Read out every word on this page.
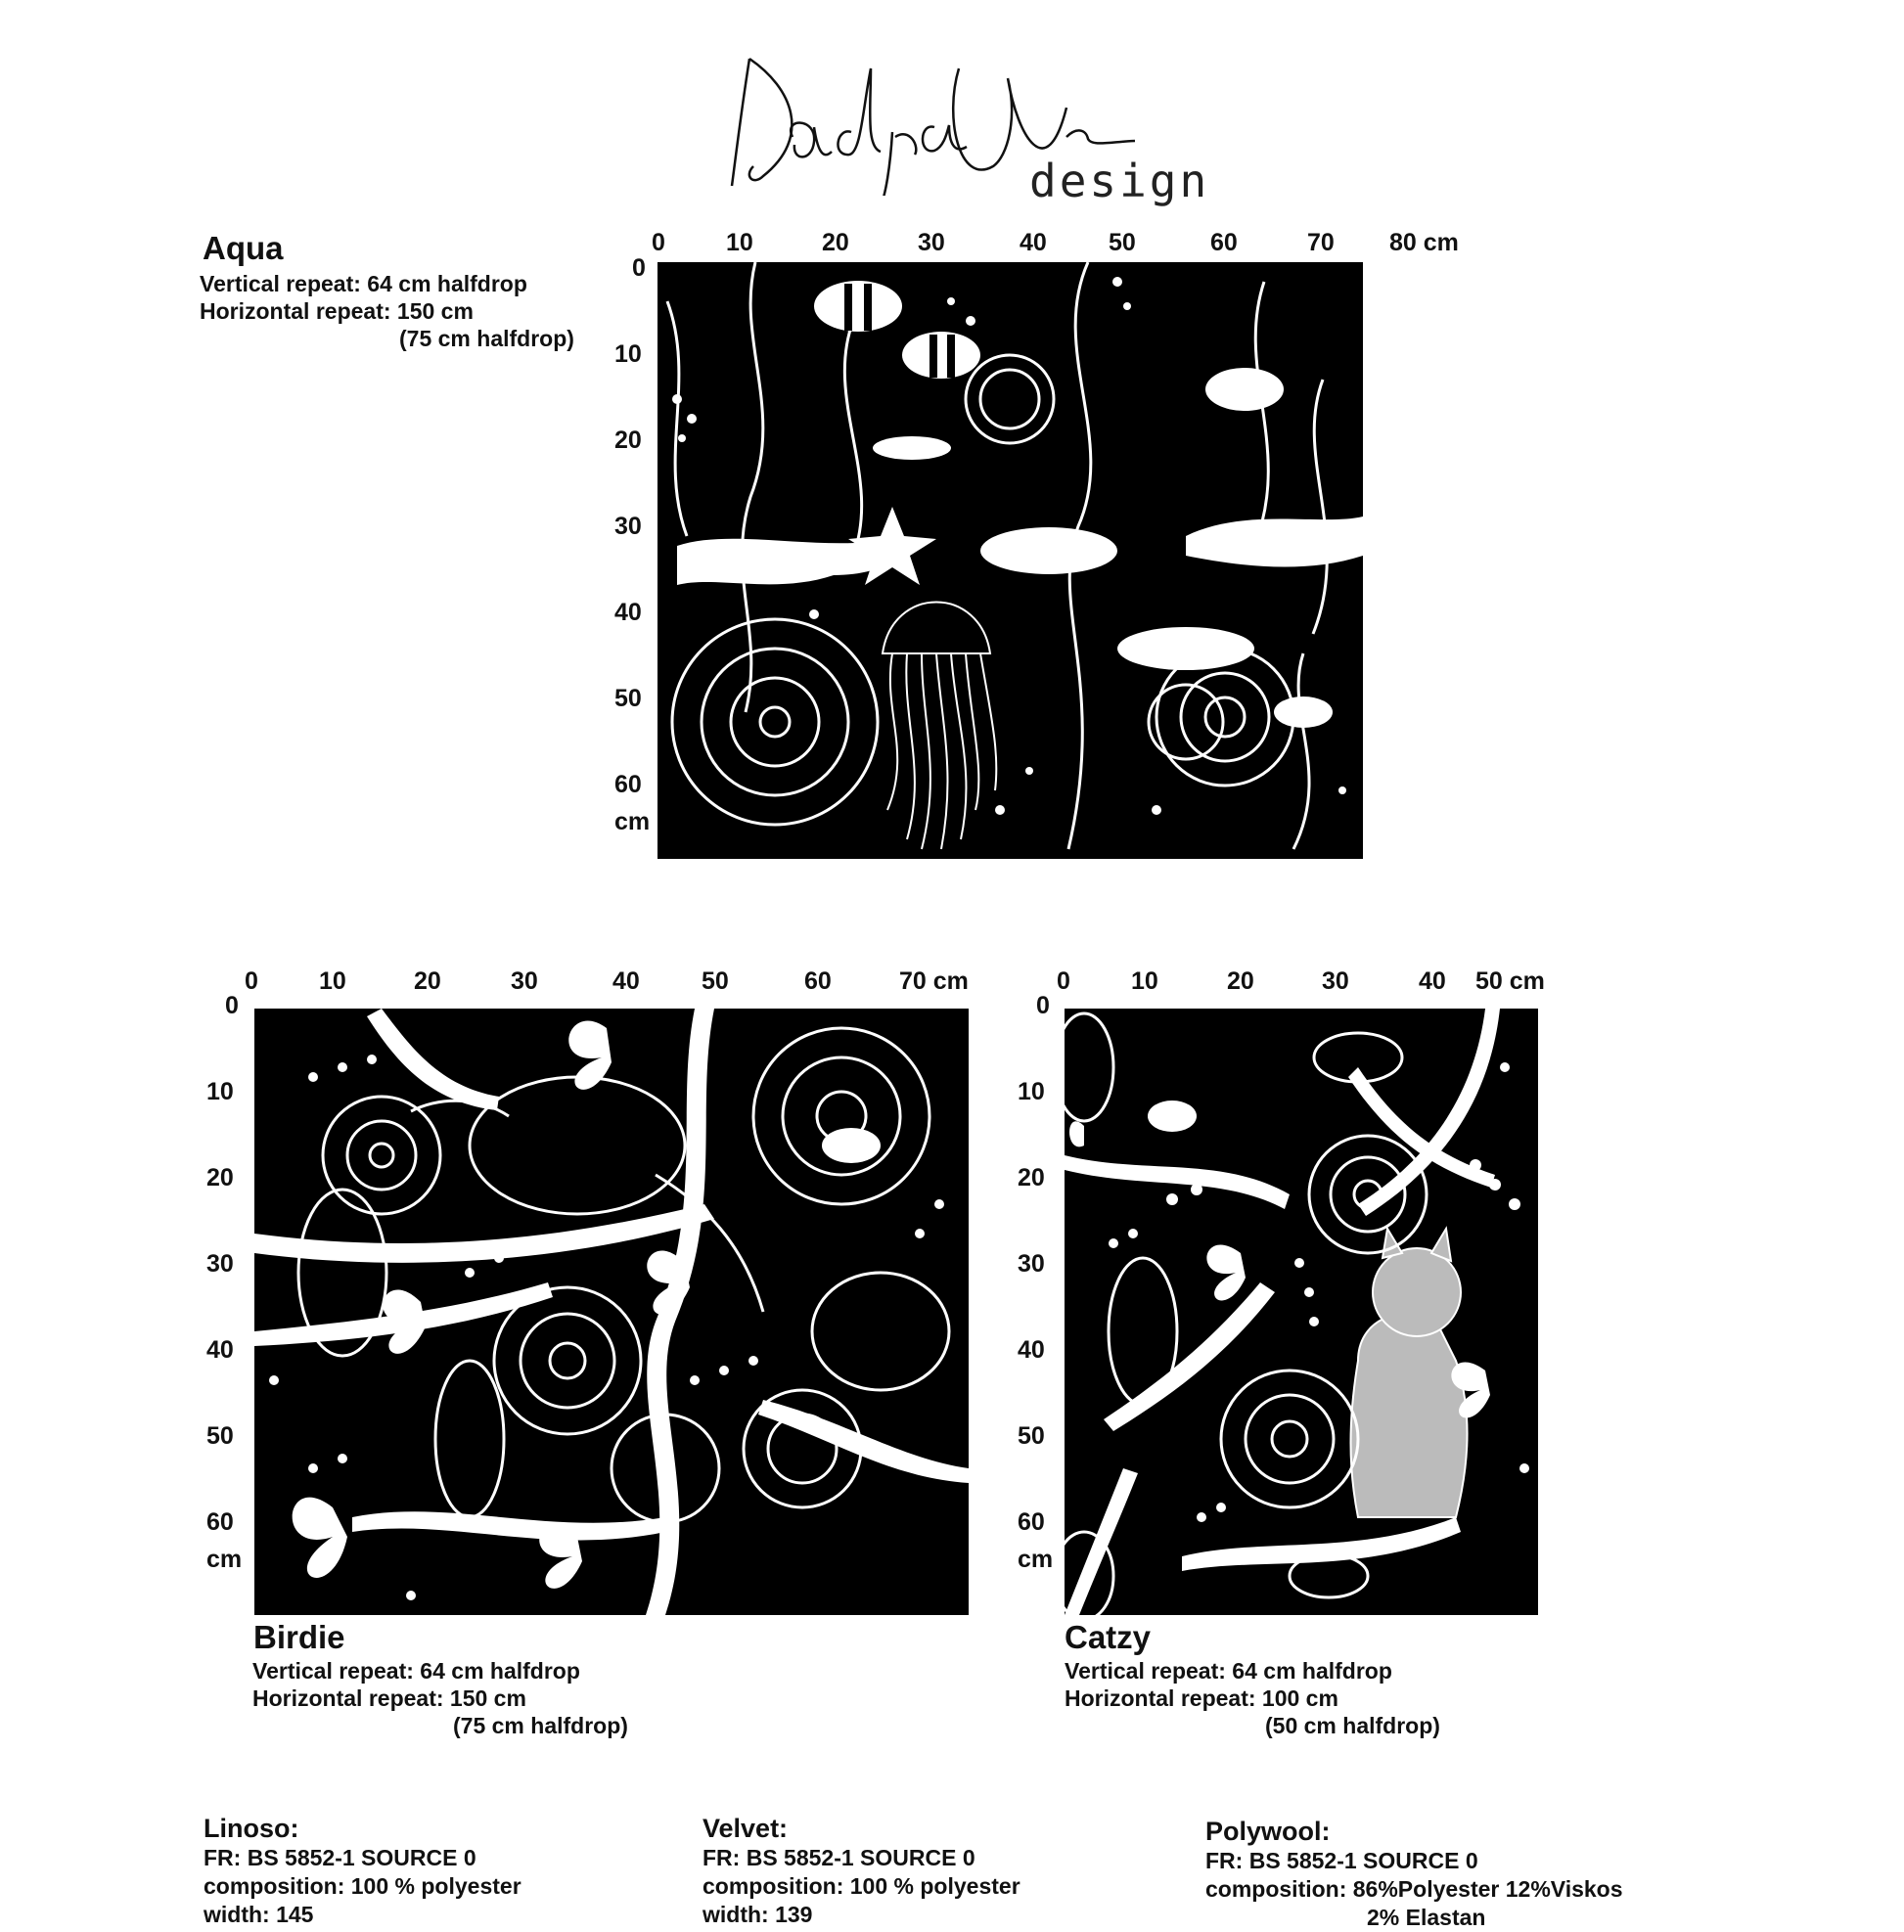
design
Aqua
Vertical repeat: 64 cm halfdrop
Horizontal repeat: 150 cm
(75 cm halfdrop)
0 10	20	30	40	50	60	70 80 cm
0
10
20
30
40
50
60
cm
0 10	20	30	40	50	60	70 cm
0
10
20
30
40
50
60
cm
Birdie
Vertical repeat: 64 cm halfdrop
Horizontal repeat: 150 cm
(75 cm halfdrop)
0 10	20	30	40 50 cm
0
10
20
30
40
50
60
cm
Catzy
Vertical repeat: 64 cm halfdrop
Horizontal repeat: 100 cm
(50 cm halfdrop)
Linoso:
FR: BS 5852-1 SOURCE 0
composition: 100 % polyester
width: 145
Velvet:
FR: BS 5852-1 SOURCE 0
composition: 100 % polyester
width: 139
Polywool:
FR: BS 5852-1 SOURCE 0
composition: 86%Polyester 12%Viskos
2% Elastan
